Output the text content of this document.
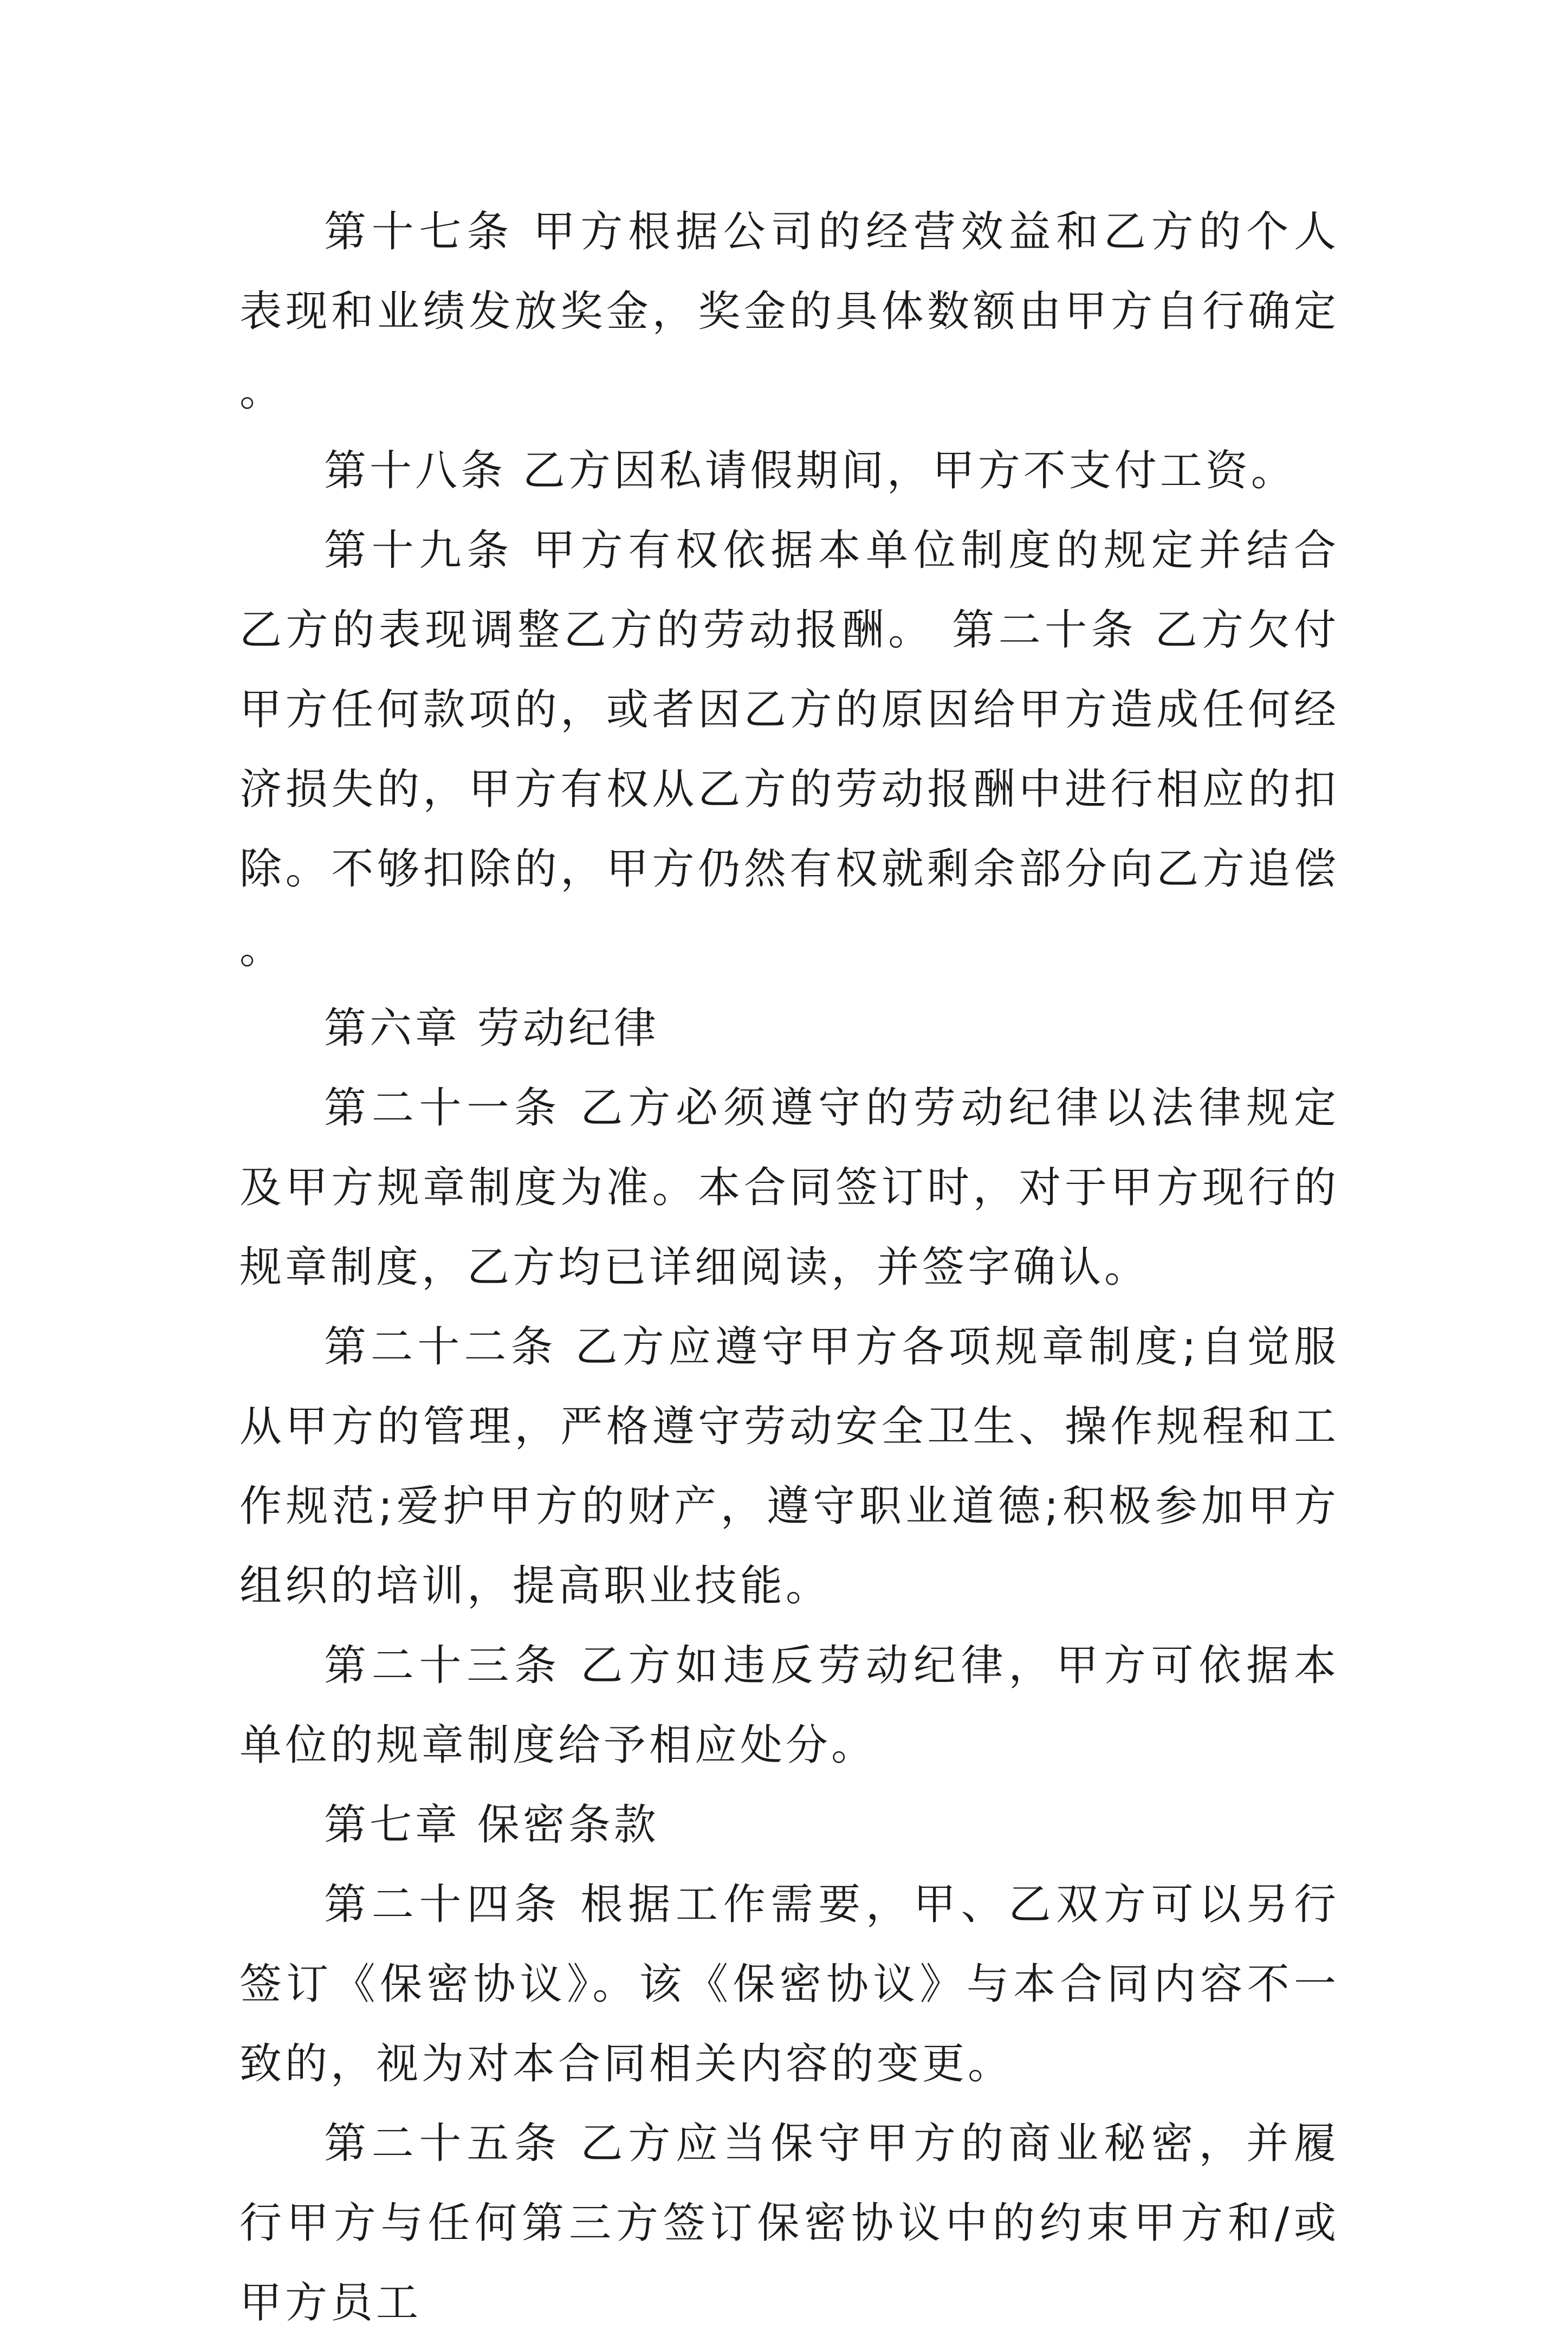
第十七条 甲方根据公司的经营效益和乙方的个人表现和业绩发放奖金，奖金的具体数额由甲方自行确定。

第十八条 乙方因私请假期间，甲方不支付工资。

第十九条 甲方有权依据本单位制度的规定并结合乙方的表现调整乙方的劳动报酬。 第二十条 乙方欠付甲方任何款项的，或者因乙方的原因给甲方造成任何经济损失的，甲方有权从乙方的劳动报酬中进行相应的扣除。不够扣除的，甲方仍然有权就剩余部分向乙方追偿。

第六章 劳动纪律

第二十一条 乙方必须遵守的劳动纪律以法律规定及甲方规章制度为准。本合同签订时，对于甲方现行的规章制度，乙方均已详细阅读，并签字确认。

第二十二条 乙方应遵守甲方各项规章制度;自觉服从甲方的管理，严格遵守劳动安全卫生、操作规程和工作规范;爱护甲方的财产，遵守职业道德;积极参加甲方组织的培训，提高职业技能。

第二十三条 乙方如违反劳动纪律，甲方可依据本单位的规章制度给予相应处分。

第七章 保密条款

第二十四条 根据工作需要，甲、乙双方可以另行签订《保密协议》。该《保密协议》与本合同内容不一致的，视为对本合同相关内容的变更。

第二十五条 乙方应当保守甲方的商业秘密，并履行甲方与任何第三方签订保密协议中的约束甲方和/或甲方员工
